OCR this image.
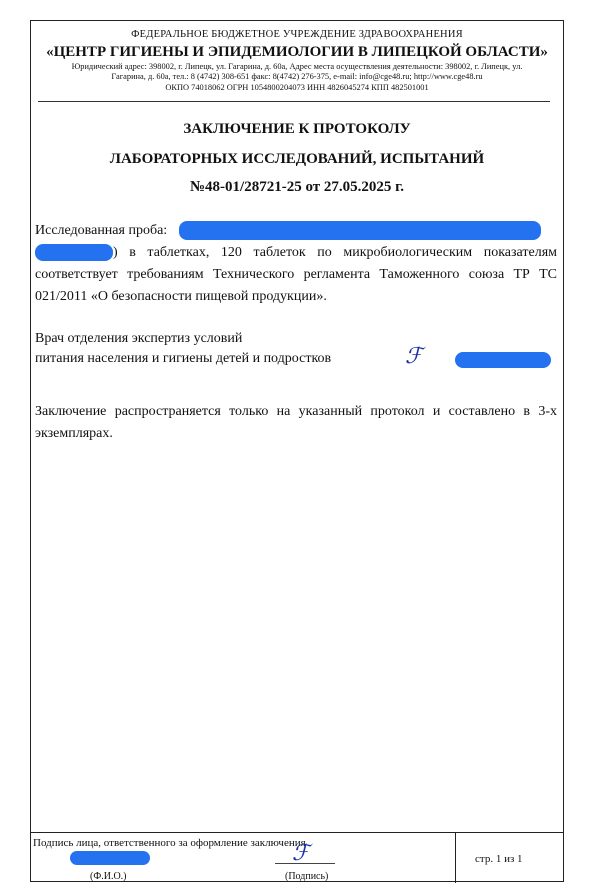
ФЕДЕРАЛЬНОЕ БЮДЖЕТНОЕ УЧРЕЖДЕНИЕ ЗДРАВООХРАНЕНИЯ
«ЦЕНТР ГИГИЕНЫ И ЭПИДЕМИОЛОГИИ В ЛИПЕЦКОЙ ОБЛАСТИ»
Юридический адрес: 398002, г. Липецк, ул. Гагарина, д. 60а, Адрес места осуществления деятельности: 398002, г. Липецк, ул.
Гагарина, д. 60а, тел.: 8 (4742) 308-651 факс: 8(4742) 276-375, e-mail: info@cge48.ru; http://www.cge48.ru
ОКПО 74018062 ОГРН 1054800204073 ИНН 4826045274 КПП 482501001
ЗАКЛЮЧЕНИЕ К ПРОТОКОЛУ
ЛАБОРАТОРНЫХ ИССЛЕДОВАНИЙ, ИСПЫТАНИЙ
№48-01/28721-25 от 27.05.2025 г.
Исследованная проба:
) в таблетках, 120 таблеток по микробиологическим показателям соответствует требованиям Технического регламента Таможенного союза ТР ТС 021/2011 «О безопасности пищевой продукции».
Врач отделения экспертиз условий
питания населения и гигиены детей и подростков	ℱ
Заключение распространяется только на указанный протокол и составлено в 3-х экземплярах.
Подпись лица, ответственного за оформление заключения
(Ф.И.О.)
ℱ
(Подпись)
стр. 1 из 1
